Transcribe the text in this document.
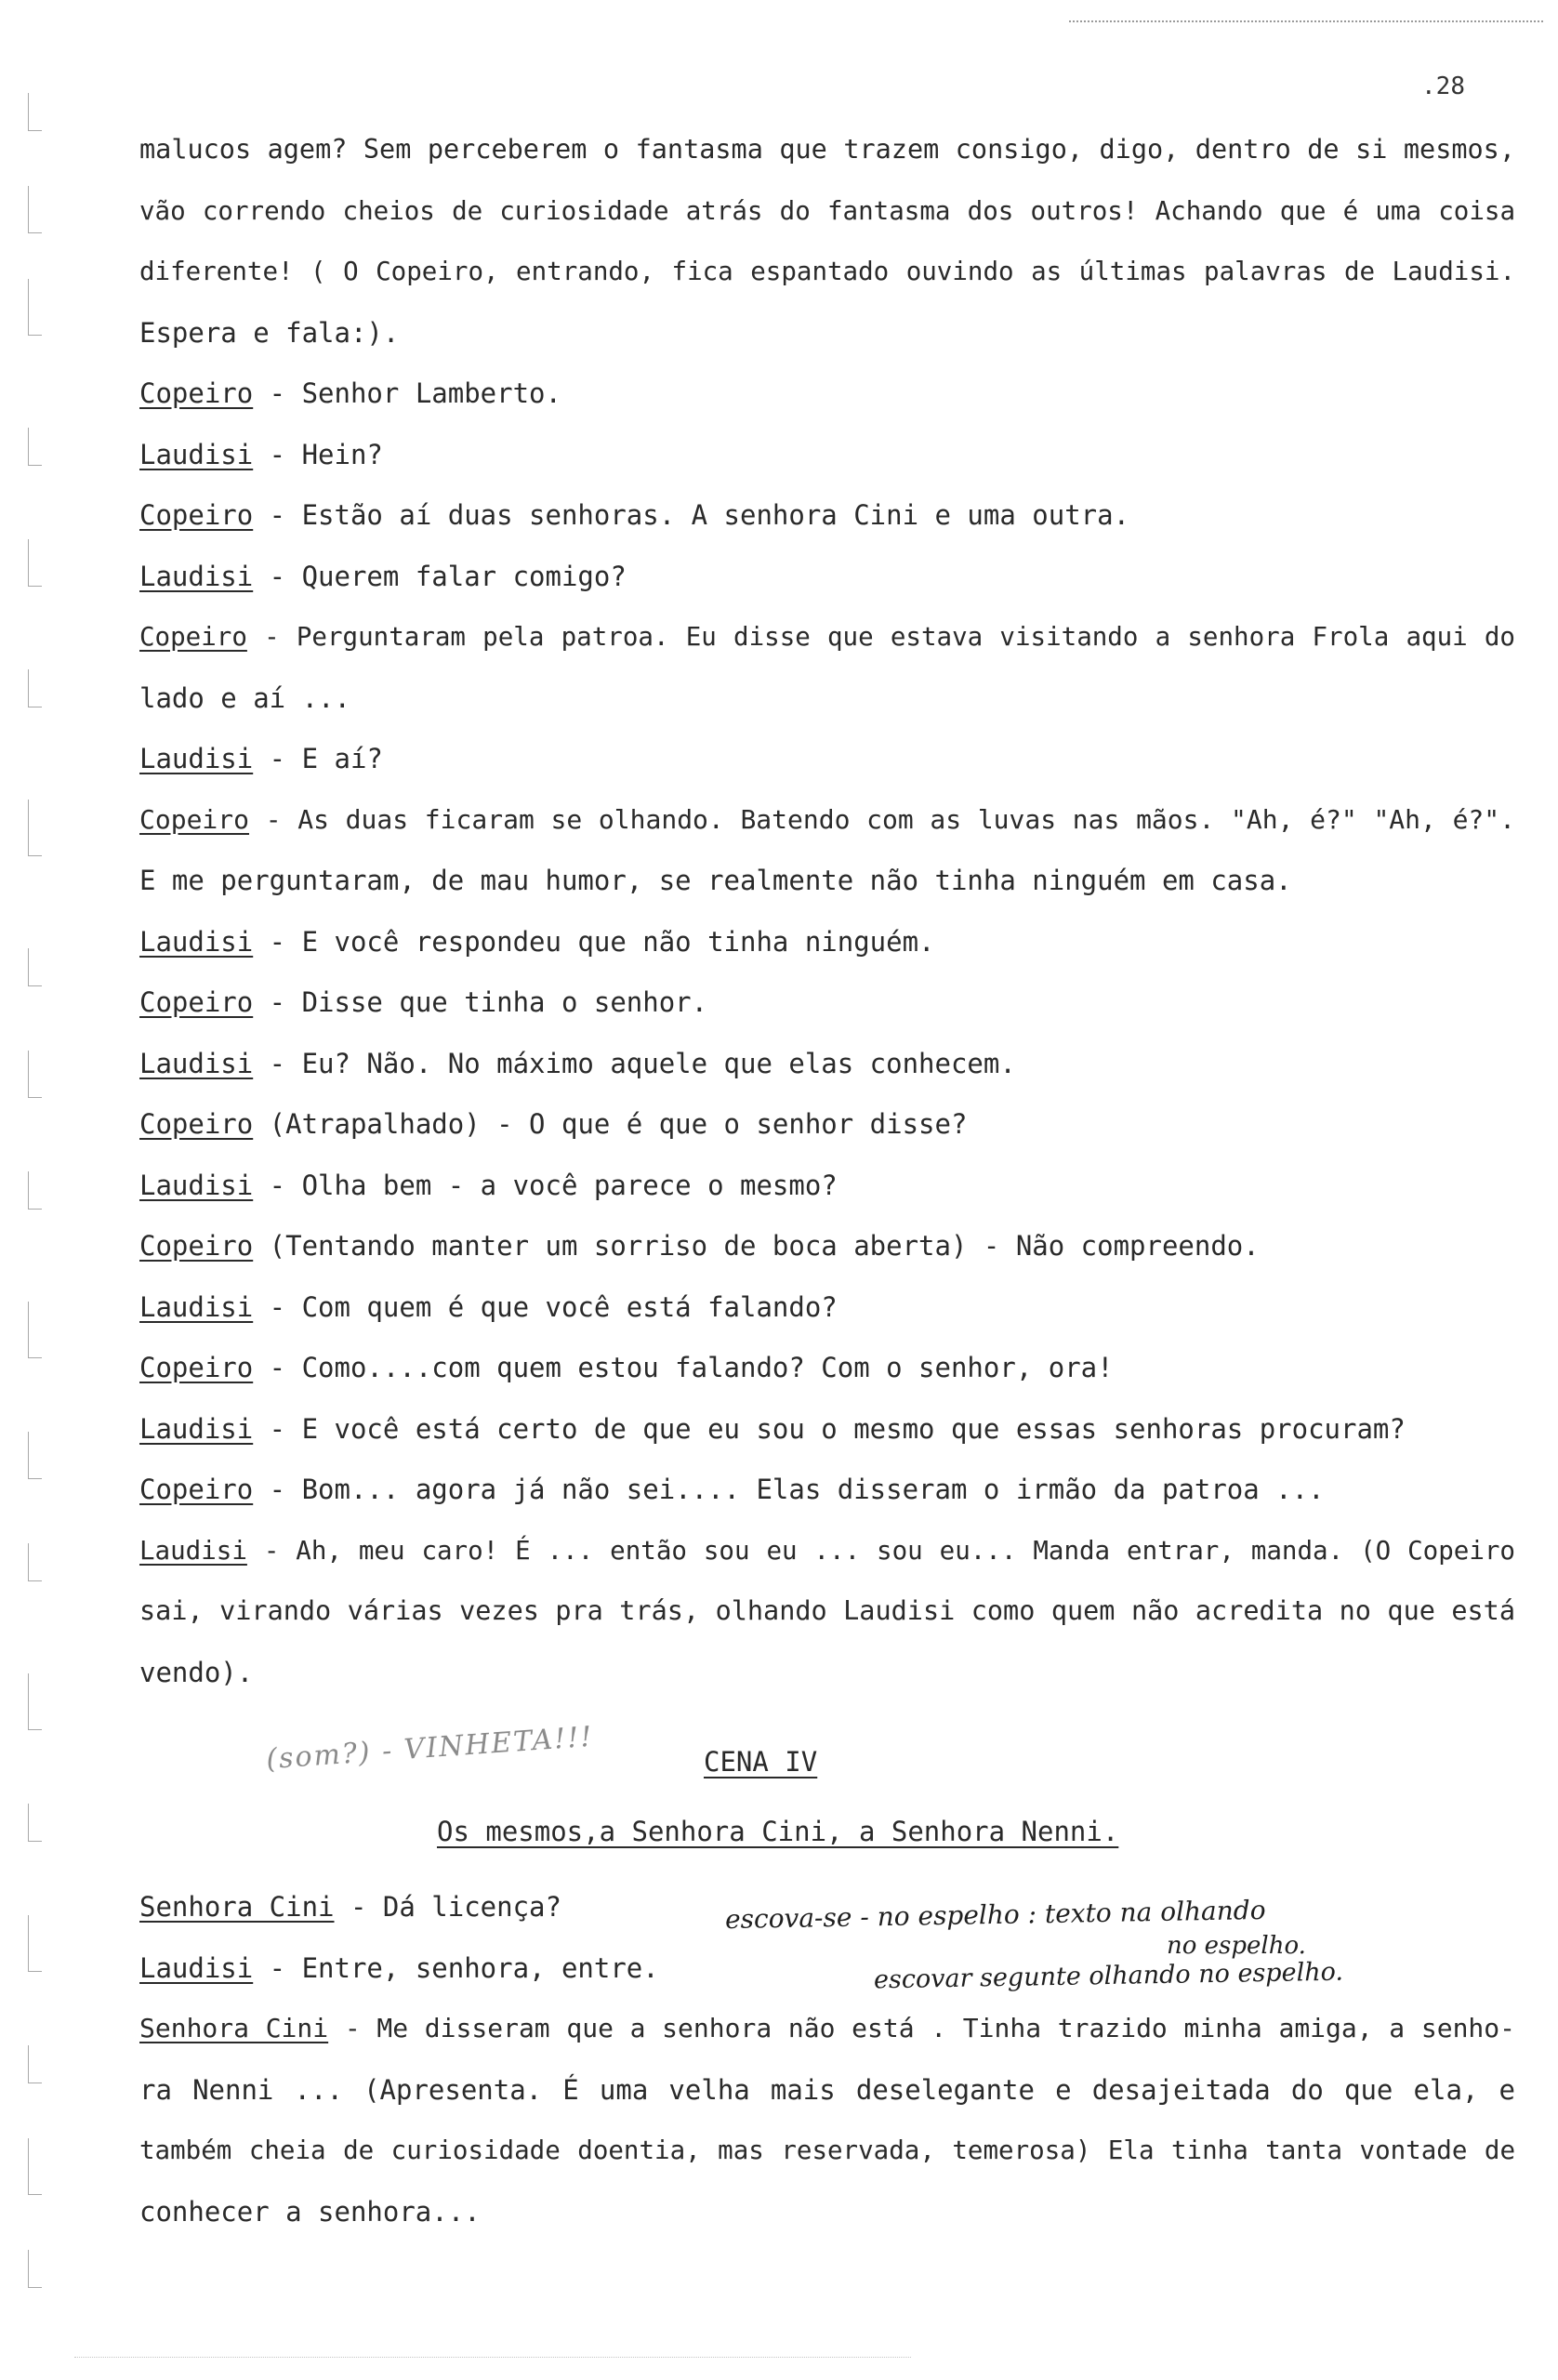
.28
malucos agem? Sem perceberem o fantasma que trazem consigo, digo, dentro de si mesmos,
vão correndo cheios de curiosidade atrás do fantasma dos outros! Achando que é uma coisa
diferente! ( O Copeiro, entrando, fica espantado ouvindo as últimas palavras de Laudisi.
Espera e fala:).
Copeiro - Senhor Lamberto.
Laudisi - Hein?
Copeiro - Estão aí duas senhoras. A senhora Cini e uma outra.
Laudisi - Querem falar comigo?
Copeiro - Perguntaram pela patroa. Eu disse que estava visitando a senhora Frola aqui do
lado e aí ...
Laudisi - E aí?
Copeiro - As duas ficaram se olhando. Batendo com as luvas nas mãos. "Ah, é?" "Ah, é?".
E me perguntaram, de mau humor, se realmente não tinha ninguém em casa.
Laudisi - E você respondeu que não tinha ninguém.
Copeiro - Disse que tinha o senhor.
Laudisi - Eu? Não. No máximo aquele que elas conhecem.
Copeiro (Atrapalhado) - O que é que o senhor disse?
Laudisi - Olha bem - a você parece o mesmo?
Copeiro (Tentando manter um sorriso de boca aberta) - Não compreendo.
Laudisi - Com quem é que você está falando?
Copeiro - Como....com quem estou falando? Com o senhor, ora!
Laudisi - E você está certo de que eu sou o mesmo que essas senhoras procuram?
Copeiro - Bom... agora já não sei.... Elas disseram o irmão da patroa ...
Laudisi - Ah, meu caro! É ... então sou eu ... sou eu... Manda entrar, manda. (O Copeiro
sai, virando várias vezes pra trás, olhando Laudisi como quem não acredita no que está
vendo).
(som?) - VINHETA!!!	CENA IV
Os mesmos,a Senhora Cini, a Senhora Nenni.
escova-se - no espelho : texto na olhando
no espelho.
escovar segunte olhando no espelho.
Senhora Cini - Dá licença?
Laudisi - Entre, senhora, entre.
Senhora Cini - Me disseram que a senhora não está . Tinha trazido minha amiga, a senho-
ra Nenni ... (Apresenta. É uma velha mais deselegante e desajeitada do que ela, e
também cheia de curiosidade doentia, mas reservada, temerosa) Ela tinha tanta vontade de
conhecer a senhora...
